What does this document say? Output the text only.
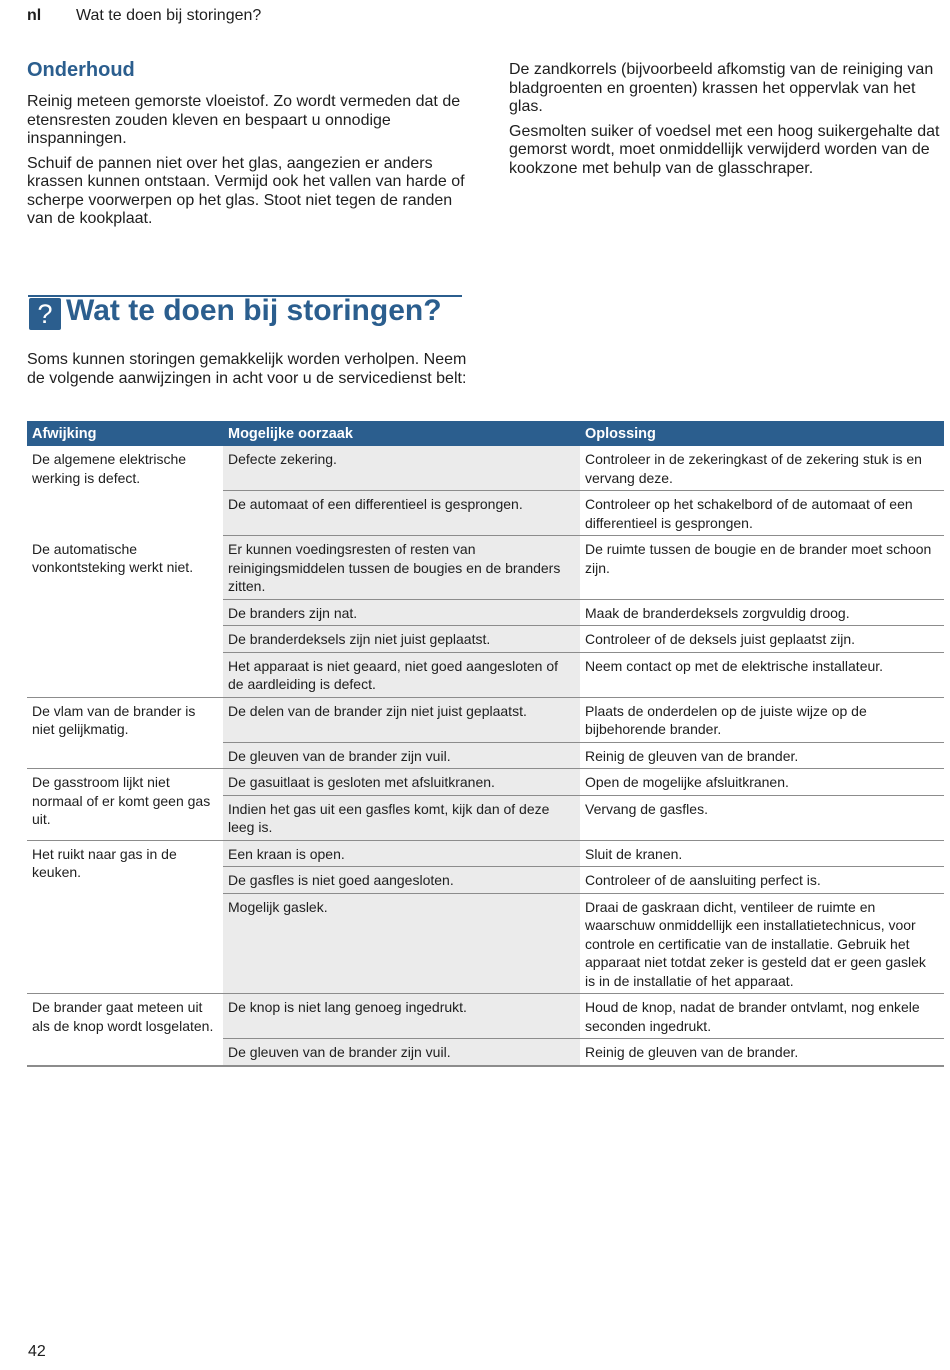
nl Wat te doen bij storingen?
Onderhoud

Reinig meteen gemorste vloeistof. Zo wordt vermeden dat de etensresten zouden kleven en bespaart u onnodige inspanningen.

Schuif de pannen niet over het glas, aangezien er anders krassen kunnen ontstaan. Vermijd ook het vallen van harde of scherpe voorwerpen op het glas. Stoot niet tegen de randen van de kookplaat.

De zandkorrels (bijvoorbeeld afkomstig van de reiniging van bladgroenten en groenten) krassen het oppervlak van het glas.

Gesmolten suiker of voedsel met een hoog suikergehalte dat gemorst wordt, moet onmiddellijk verwijderd worden van de kookzone met behulp van de glasschraper.

? Wat te doen bij storingen?
Soms kunnen storingen gemakkelijk worden verholpen. Neem de volgende aanwijzingen in acht voor u de servicedienst belt:
Afwijking	Mogelijke oorzaak	Oplossing
De algemene elektrische werking is defect.	Defecte zekering.	Controleer in de zekeringkast of de zekering stuk is en vervang deze.
	De automaat of een differentieel is gesprongen.	Controleer op het schakelbord of de automaat of een differentieel is gesprongen.
De automatische vonkontsteking werkt niet.	Er kunnen voedingsresten of resten van reinigingsmiddelen tussen de bougies en de branders zitten.	De ruimte tussen de bougie en de brander moet schoon zijn.
	De branders zijn nat.	Maak de branderdeksels zorgvuldig droog.
	De branderdeksels zijn niet juist geplaatst.	Controleer of de deksels juist geplaatst zijn.
	Het apparaat is niet geaard, niet goed aangesloten of de aardleiding is defect.	Neem contact op met de elektrische installateur.
De vlam van de brander is niet gelijkmatig.	De delen van de brander zijn niet juist geplaatst.	Plaats de onderdelen op de juiste wijze op de bijbehorende brander.
	De gleuven van de brander zijn vuil.	Reinig de gleuven van de brander.
De gasstroom lijkt niet normaal of er komt geen gas uit.	De gasuitlaat is gesloten met afsluitkranen.	Open de mogelijke afsluitkranen.
	Indien het gas uit een gasfles komt, kijk dan of deze leeg is.	Vervang de gasfles.
Het ruikt naar gas in de keuken.	Een kraan is open.	Sluit de kranen.
	De gasfles is niet goed aangesloten.	Controleer of de aansluiting perfect is.
	Mogelijk gaslek.	Draai de gaskraan dicht, ventileer de ruimte en waarschuw onmiddellijk een installatietechnicus, voor controle en certificatie van de installatie. Gebruik het apparaat niet totdat zeker is gesteld dat er geen gaslek is in de installatie of het apparaat.
De brander gaat meteen uit als de knop wordt losgelaten.	De knop is niet lang genoeg ingedrukt.	Houd de knop, nadat de brander ontvlamt, nog enkele seconden ingedrukt.
	De gleuven van de brander zijn vuil.	Reinig de gleuven van de brander.
42
